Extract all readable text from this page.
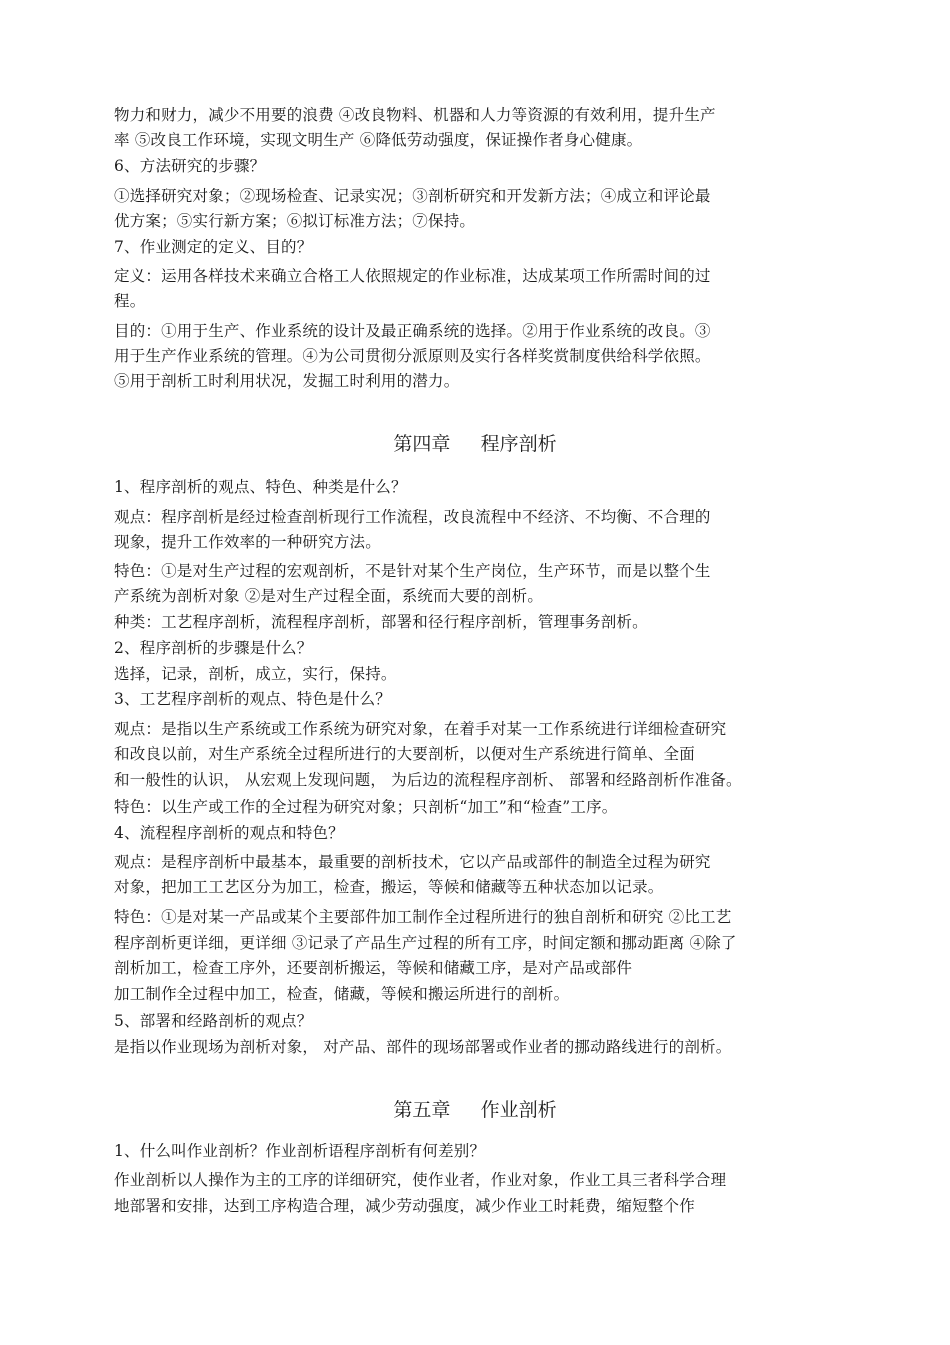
物力和财力，减少不用要的浪费 ④改良物料、机器和人力等资源的有效利用，提升生产
率 ⑤改良工作环境，实现文明生产 ⑥降低劳动强度，保证操作者身心健康。
6、方法研究的步骤？
①选择研究对象；②现场检查、记录实况；③剖析研究和开发新方法；④成立和评论最
优方案；⑤实行新方案；⑥拟订标准方法；⑦保持。
7、作业测定的定义、目的？
定义：运用各样技术来确立合格工人依照规定的作业标准，达成某项工作所需时间的过
程。
目的：①用于生产、作业系统的设计及最正确系统的选择。②用于作业系统的改良。③
用于生产作业系统的管理。④为公司贯彻分派原则及实行各样奖赏制度供给科学依照。
⑤用于剖析工时利用状况，发掘工时利用的潜力。
第四章     程序剖析
1、程序剖析的观点、特色、种类是什么？
观点：程序剖析是经过检查剖析现行工作流程，改良流程中不经济、不均衡、不合理的
现象，提升工作效率的一种研究方法。
特色：①是对生产过程的宏观剖析，不是针对某个生产岗位，生产环节，而是以整个生
产系统为剖析对象 ②是对生产过程全面，系统而大要的剖析。
种类：工艺程序剖析，流程程序剖析，部署和径行程序剖析，管理事务剖析。
2、程序剖析的步骤是什么？
选择，记录，剖析，成立，实行，保持。
3、工艺程序剖析的观点、特色是什么？
观点：是指以生产系统或工作系统为研究对象，在着手对某一工作系统进行详细检查研究
和改良以前，对生产系统全过程所进行的大要剖析，以便对生产系统进行简单、全面
和一般性的认识， 从宏观上发现问题， 为后边的流程程序剖析、 部署和经路剖析作准备。
特色：以生产或工作的全过程为研究对象；只剖析“加工”和“检查”工序。
4、流程程序剖析的观点和特色？
观点：是程序剖析中最基本，最重要的剖析技术，它以产品或部件的制造全过程为研究
对象，把加工工艺区分为加工，检查，搬运，等候和储藏等五种状态加以记录。
特色：①是对某一产品或某个主要部件加工制作全过程所进行的独自剖析和研究 ②比工艺
程序剖析更详细，更详细 ③记录了产品生产过程的所有工序，时间定额和挪动距离 ④除了
剖析加工，检查工序外，还要剖析搬运，等候和储藏工序，是对产品或部件
加工制作全过程中加工，检查，储藏，等候和搬运所进行的剖析。
5、部署和经路剖析的观点？
是指以作业现场为剖析对象， 对产品、部件的现场部署或作业者的挪动路线进行的剖析。
第五章     作业剖析
1、什么叫作业剖析？作业剖析语程序剖析有何差别？
作业剖析以人操作为主的工序的详细研究，使作业者，作业对象，作业工具三者科学合理
地部署和安排，达到工序构造合理，减少劳动强度，减少作业工时耗费，缩短整个作
